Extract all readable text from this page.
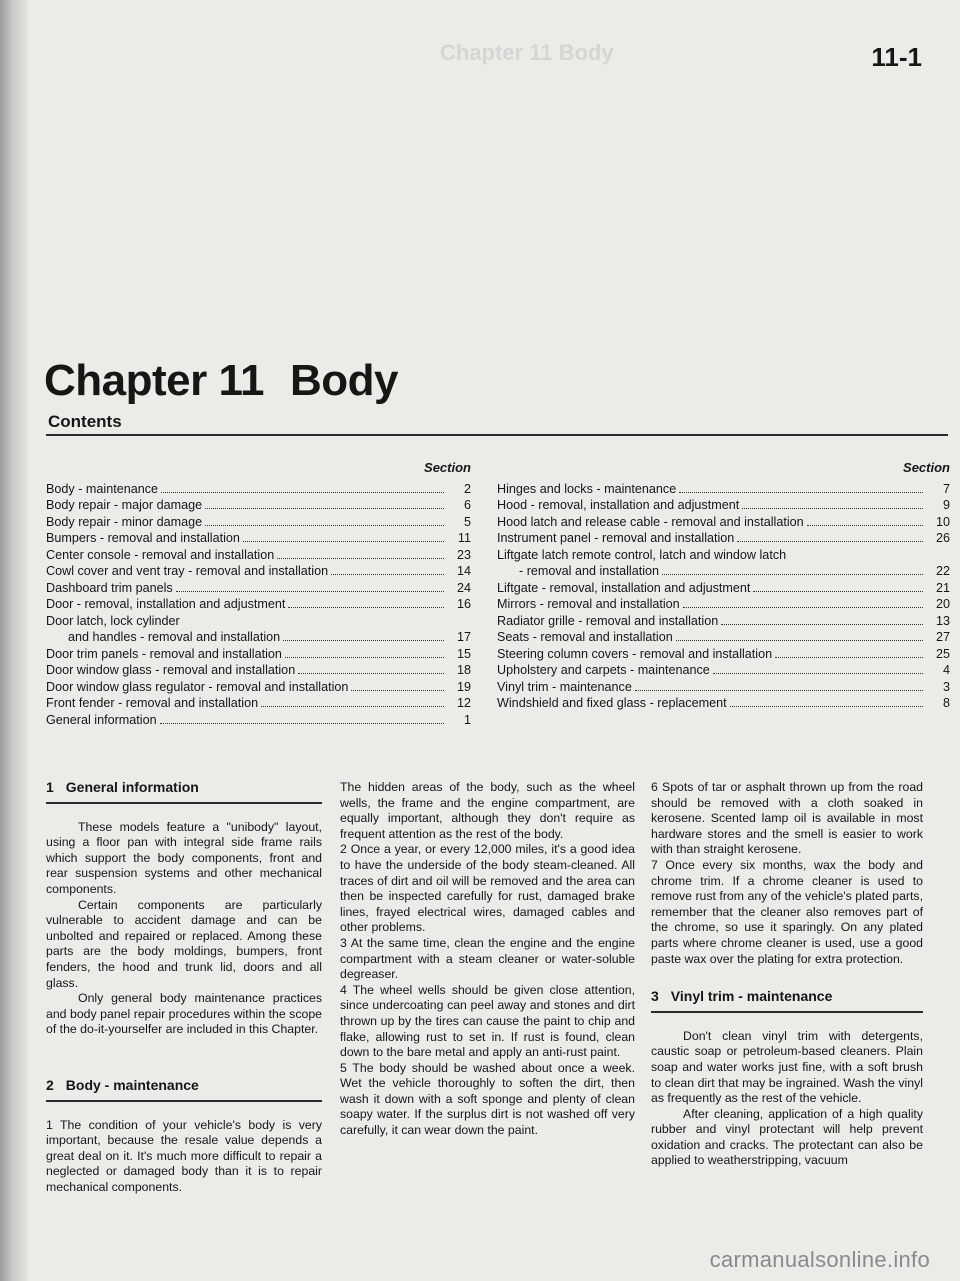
Chapter 11 Body	11-1
Chapter 11 Body
Contents
Section
Body - maintenance	2
Body repair - major damage	6
Body repair - minor damage	5
Bumpers - removal and installation	11
Center console - removal and installation	23
Cowl cover and vent tray - removal and installation	14
Dashboard trim panels	24
Door - removal, installation and adjustment	16
Door latch, lock cylinder
and handles - removal and installation	17
Door trim panels - removal and installation	15
Door window glass - removal and installation	18
Door window glass regulator - removal and installation	19
Front fender - removal and installation	12
General information	1
Section
Hinges and locks - maintenance	7
Hood - removal, installation and adjustment	9
Hood latch and release cable - removal and installation	10
Instrument panel - removal and installation	26
Liftgate latch remote control, latch and window latch
- removal and installation	22
Liftgate - removal, installation and adjustment	21
Mirrors - removal and installation	20
Radiator grille - removal and installation	13
Seats - removal and installation	27
Steering column covers - removal and installation	25
Upholstery and carpets - maintenance	4
Vinyl trim - maintenance	3
Windshield and fixed glass - replacement	8
1 General information

These models feature a "unibody" layout, using a floor pan with integral side frame rails which support the body components, front and rear suspension systems and other mechanical components.

Certain components are particularly vulnerable to accident damage and can be unbolted and repaired or replaced. Among these parts are the body moldings, bumpers, front fenders, the hood and trunk lid, doors and all glass.

Only general body maintenance practices and body panel repair procedures within the scope of the do-it-yourselfer are included in this Chapter.

2 Body - maintenance

1 The condition of your vehicle's body is very important, because the resale value depends a great deal on it. It's much more difficult to repair a neglected or damaged body than it is to repair mechanical components.

The hidden areas of the body, such as the wheel wells, the frame and the engine compartment, are equally important, although they don't require as frequent attention as the rest of the body.

2 Once a year, or every 12,000 miles, it's a good idea to have the underside of the body steam-cleaned. All traces of dirt and oil will be removed and the area can then be inspected carefully for rust, damaged brake lines, frayed electrical wires, damaged cables and other problems.

3 At the same time, clean the engine and the engine compartment with a steam cleaner or water-soluble degreaser.

4 The wheel wells should be given close attention, since undercoating can peel away and stones and dirt thrown up by the tires can cause the paint to chip and flake, allowing rust to set in. If rust is found, clean down to the bare metal and apply an anti-rust paint.

5 The body should be washed about once a week. Wet the vehicle thoroughly to soften the dirt, then wash it down with a soft sponge and plenty of clean soapy water. If the surplus dirt is not washed off very carefully, it can wear down the paint.

6 Spots of tar or asphalt thrown up from the road should be removed with a cloth soaked in kerosene. Scented lamp oil is available in most hardware stores and the smell is easier to work with than straight kerosene.

7 Once every six months, wax the body and chrome trim. If a chrome cleaner is used to remove rust from any of the vehicle's plated parts, remember that the cleaner also removes part of the chrome, so use it sparingly. On any plated parts where chrome cleaner is used, use a good paste wax over the plating for extra protection.

3 Vinyl trim - maintenance

Don't clean vinyl trim with detergents, caustic soap or petroleum-based cleaners. Plain soap and water works just fine, with a soft brush to clean dirt that may be ingrained. Wash the vinyl as frequently as the rest of the vehicle.

After cleaning, application of a high quality rubber and vinyl protectant will help prevent oxidation and cracks. The protectant can also be applied to weatherstripping, vacuum

carmanualsonline.info
